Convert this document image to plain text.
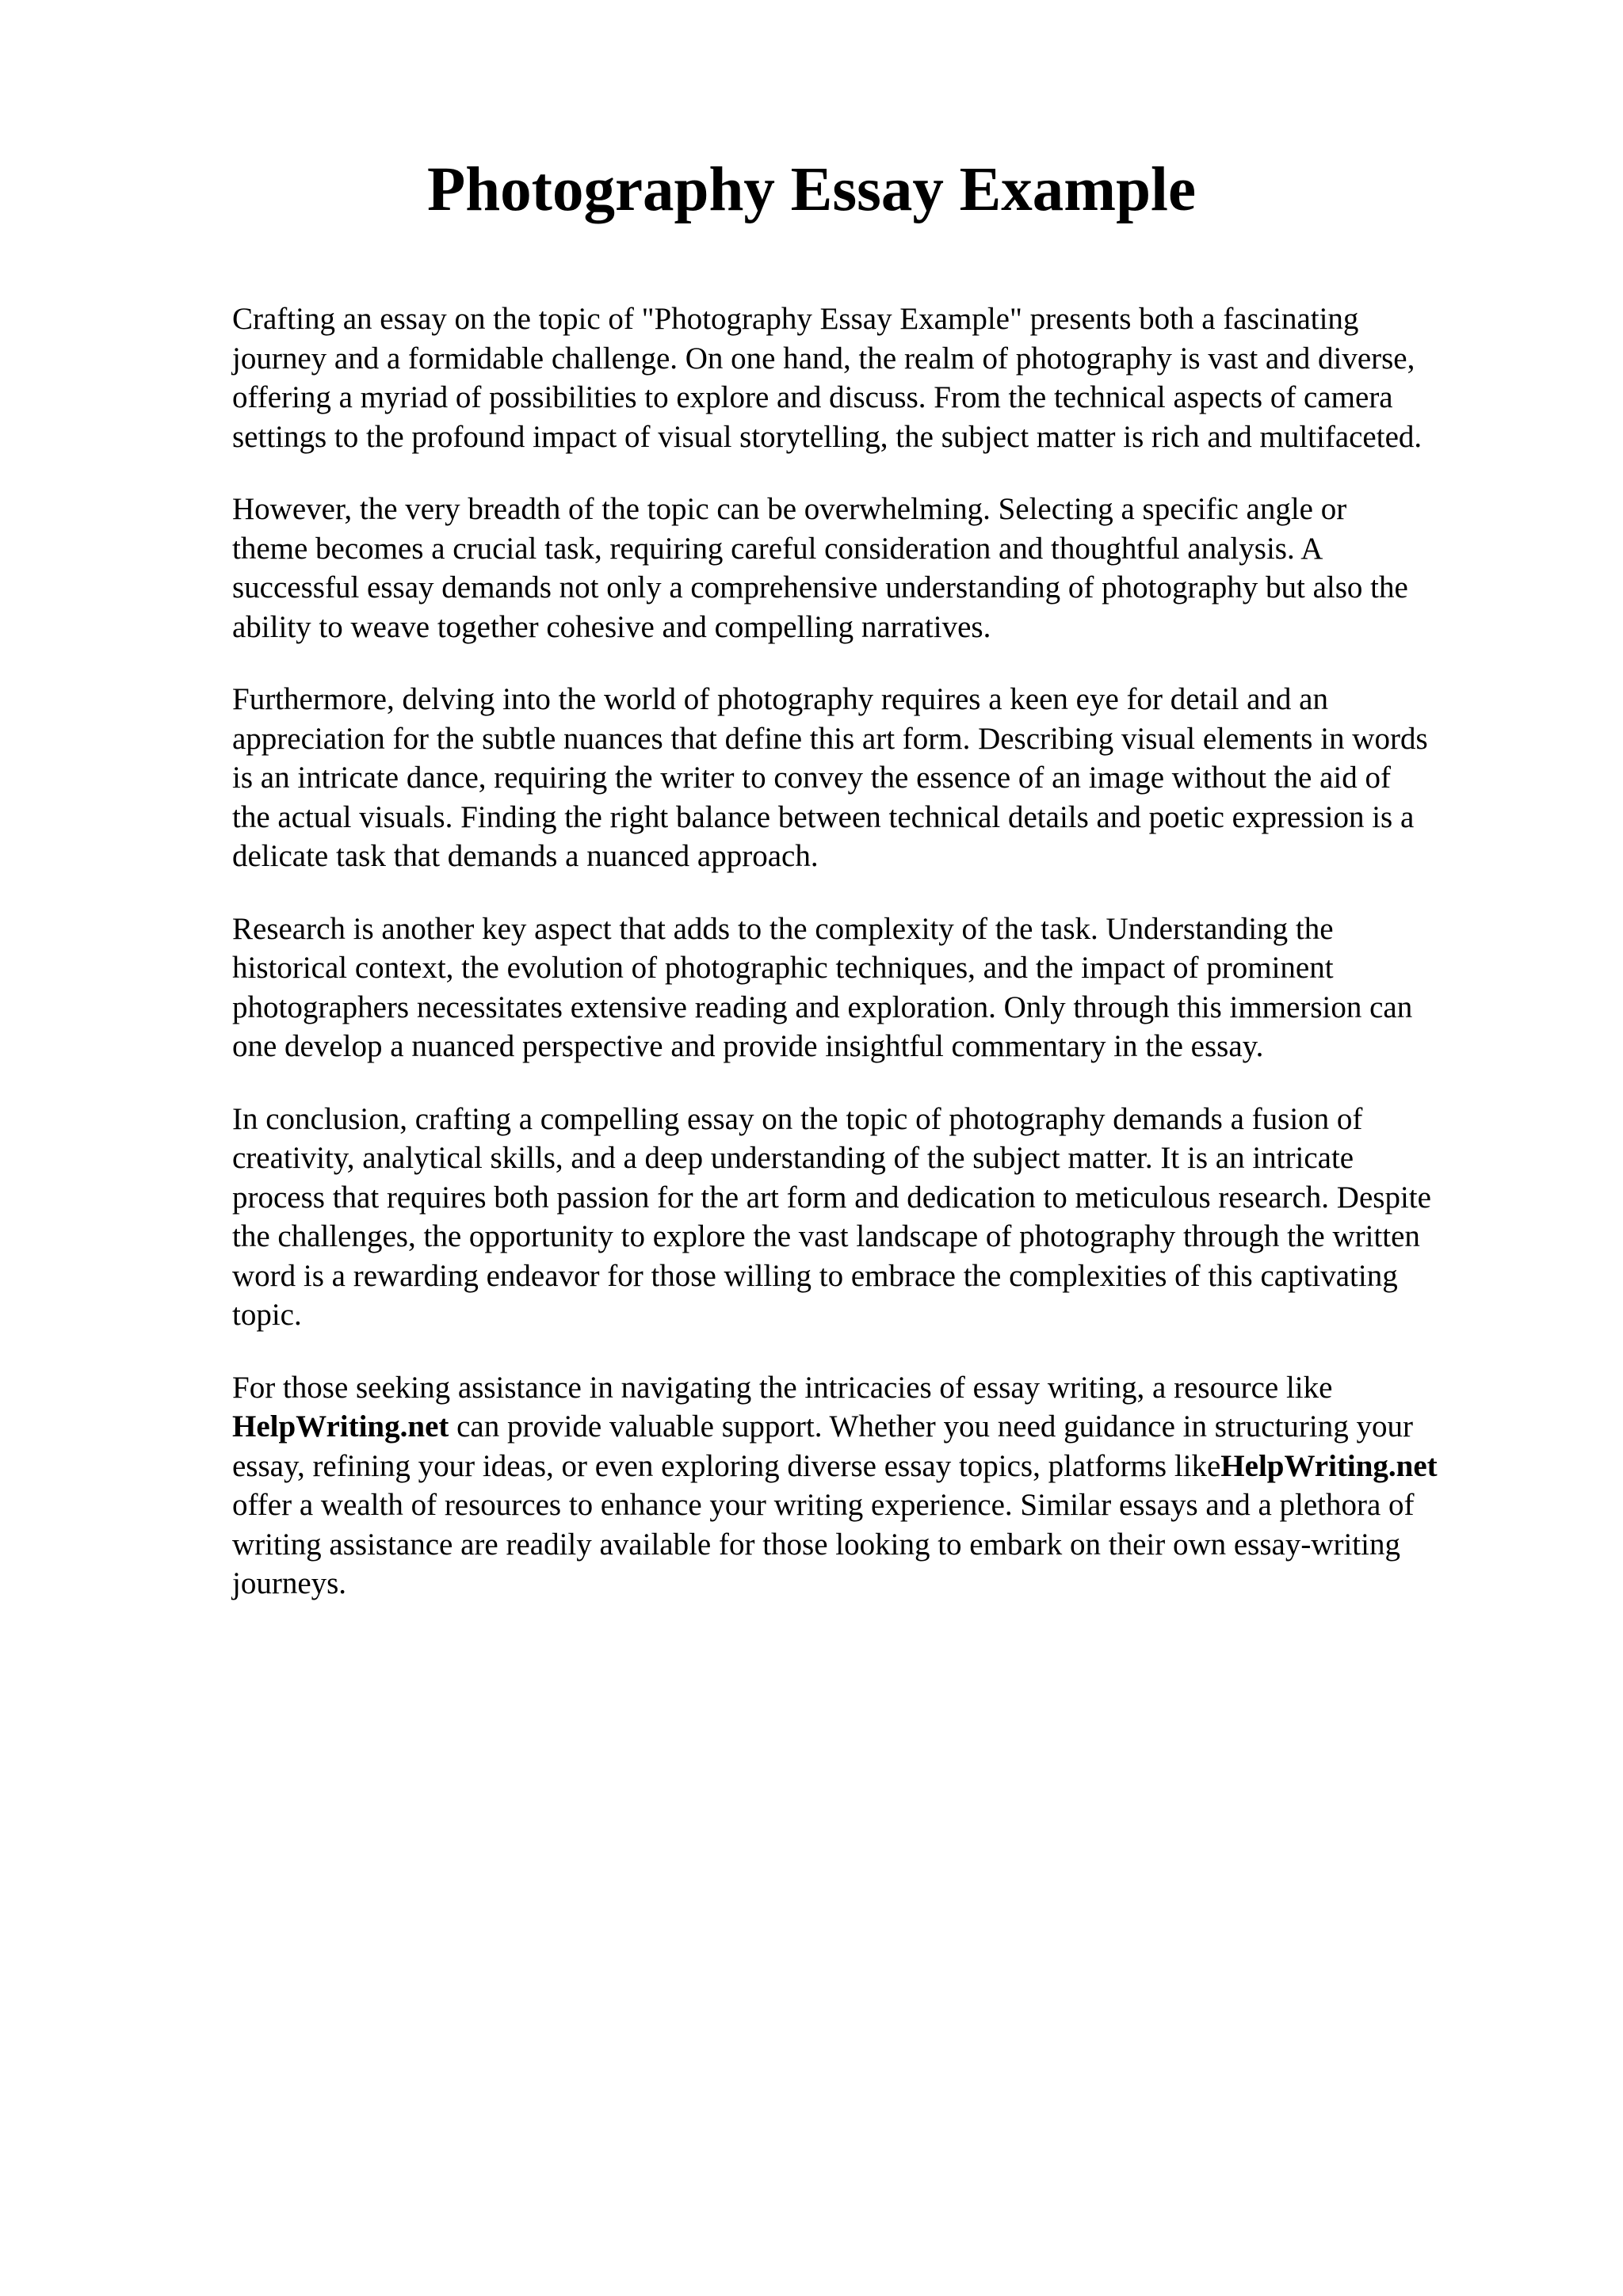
Photography Essay Example

Crafting an essay on the topic of "Photography Essay Example" presents both a fascinating
journey and a formidable challenge. On one hand, the realm of photography is vast and diverse,
offering a myriad of possibilities to explore and discuss. From the technical aspects of camera
settings to the profound impact of visual storytelling, the subject matter is rich and multifaceted.

However, the very breadth of the topic can be overwhelming. Selecting a specific angle or
theme becomes a crucial task, requiring careful consideration and thoughtful analysis. A
successful essay demands not only a comprehensive understanding of photography but also the
ability to weave together cohesive and compelling narratives.

Furthermore, delving into the world of photography requires a keen eye for detail and an
appreciation for the subtle nuances that define this art form. Describing visual elements in words
is an intricate dance, requiring the writer to convey the essence of an image without the aid of
the actual visuals. Finding the right balance between technical details and poetic expression is a
delicate task that demands a nuanced approach.

Research is another key aspect that adds to the complexity of the task. Understanding the
historical context, the evolution of photographic techniques, and the impact of prominent
photographers necessitates extensive reading and exploration. Only through this immersion can
one develop a nuanced perspective and provide insightful commentary in the essay.

In conclusion, crafting a compelling essay on the topic of photography demands a fusion of
creativity, analytical skills, and a deep understanding of the subject matter. It is an intricate
process that requires both passion for the art form and dedication to meticulous research. Despite
the challenges, the opportunity to explore the vast landscape of photography through the written
word is a rewarding endeavor for those willing to embrace the complexities of this captivating
topic.

For those seeking assistance in navigating the intricacies of essay writing, a resource like
HelpWriting.net can provide valuable support. Whether you need guidance in structuring your
essay, refining your ideas, or even exploring diverse essay topics, platforms likeHelpWriting.net
offer a wealth of resources to enhance your writing experience. Similar essays and a plethora of
writing assistance are readily available for those looking to embark on their own essay-writing
journeys.
